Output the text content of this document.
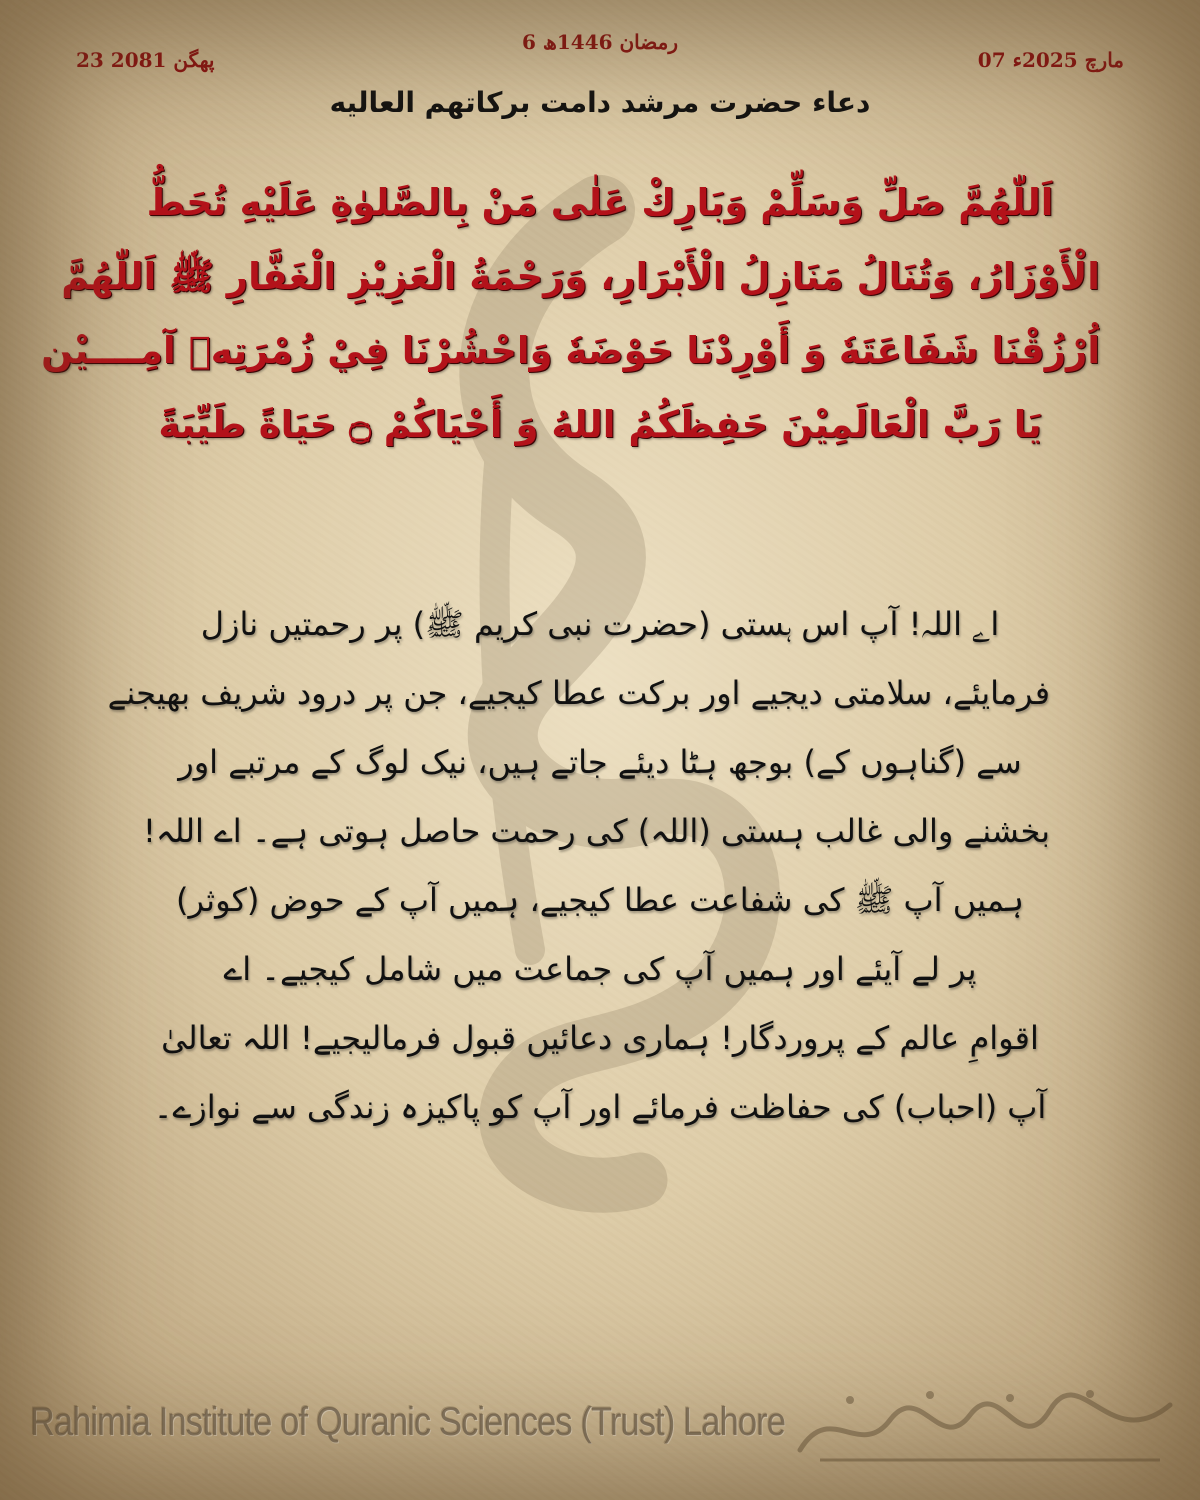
6 رمضان 1446ھ
23 پھگن 2081	07 مارچ 2025ء
دعاء حضرت مرشد دامت برکاتهم العالیه
اَللّٰهُمَّ صَلِّ وَسَلِّمْ وَبَارِكْ عَلٰى مَنْ بِالصَّلوٰةِ عَلَيْهِ تُحَطُّ
الْأَوْزَارُ، وَتُنَالُ مَنَازِلُ الْأَبْرَارِ، وَرَحْمَةُ الْعَزِيْزِ الْغَفَّارِ ﷺ اَللّٰهُمَّ
اُرْزُقْنَا شَفَاعَتَهٗ وَ أَوْرِدْنَا حَوْضَهٗ وَاحْشُرْنَا فِيْ زُمْرَتِهٖ آمِــــيْن
يَا رَبَّ الْعَالَمِيْنَ حَفِظَكُمُ اللهُ وَ أَحْيَاكُمْ ۝ حَيَاةً طَيِّبَةً
اے اللہ! آپ اس ہستی (حضرت نبی کریم ﷺ) پر رحمتیں نازل
فرمایئے، سلامتی دیجیے اور برکت عطا کیجیے، جن پر درود شریف بھیجنے
سے (گناہوں کے) بوجھ ہٹا دیئے جاتے ہیں، نیک لوگ کے مرتبے اور
بخشنے والی غالب ہستی (اللہ) کی رحمت حاصل ہوتی ہے۔ اے اللہ!
ہمیں آپ ﷺ کی شفاعت عطا کیجیے، ہمیں آپ کے حوض (کوثر)
پر لے آیئے اور ہمیں آپ کی جماعت میں شامل کیجیے۔ اے
اقوامِ عالم کے پروردگار! ہماری دعائیں قبول فرمالیجیے! اللہ تعالیٰ
آپ (احباب) کی حفاظت فرمائے اور آپ کو پاکیزہ زندگی سے نوازے۔
Rahimia Institute of Quranic Sciences (Trust) Lahore
